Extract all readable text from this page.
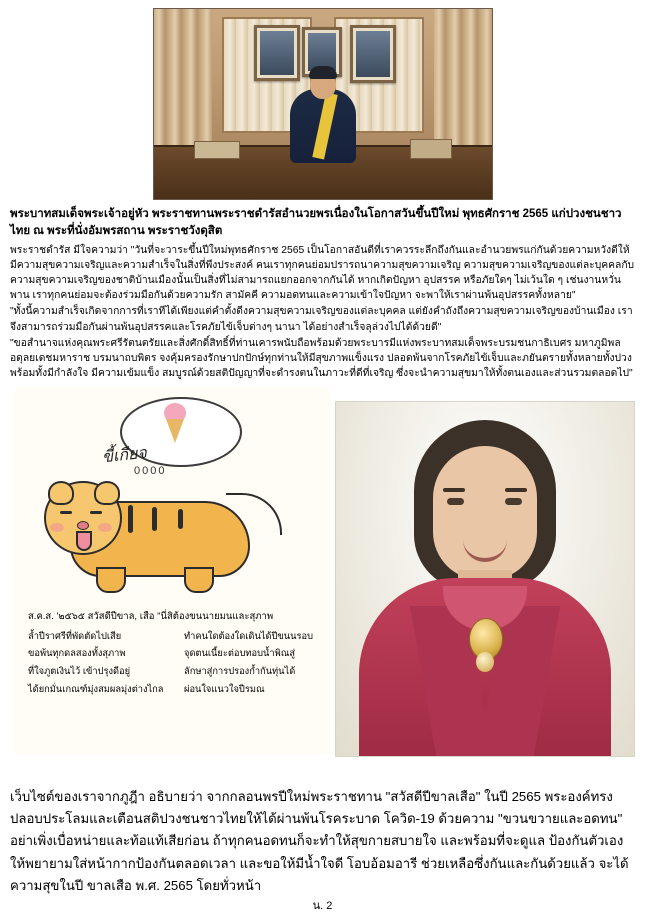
พระบาทสมเด็จพระเจ้าอยู่หัว พระราชทานพระราชดำรัสอำนวยพรเนื่องในโอกาสวันขึ้นปีใหม่ พุทธศักราช 2565 แก่ปวงชนชาวไทย ณ พระที่นั่งอัมพรสถาน พระราชวังดุสิต

พระราชดำรัส มีใจความว่า "วันที่จะวาระขึ้นปีใหม่พุทธศักราช 2565 เป็นโอกาสอันดีที่เราควรระลึกถึงกันและอำนวยพรแก่กันด้วยความหวังดีให้มีความสุขความเจริญและความสำเร็จในสิ่งที่พึงประสงค์ คนเราทุกคนย่อมปรารถนาความสุขความเจริญ ความสุขความเจริญของแต่ละบุคคลกับความสุขความเจริญของชาติบ้านเมืองนั้นเป็นสิ่งที่ไม่สามารถแยกออกจากกันได้ หากเกิดปัญหา อุปสรรค หรือภัยใดๆ ไม่เว้นใด ๆ เช่นงานหวั่นพาน เราทุกคนย่อมจะต้องร่วมมือกันด้วยความรัก สามัคคี ความอดทนและความเข้าใจปัญหา จะพาให้เราผ่านพ้นอุปสรรคทั้งหลาย"

"ทั้งนี้ความสำเร็จเกิดจากการที่เราทีได้เพียงแต่คำตั้งดีงความสุขความเจริญของแต่ละบุคคล แต่ยังคำถังถึงความสุขความเจริญของบ้านเมือง เราจึงสามารถร่วมมือกันผ่านพ้นอุปสรรคและโรคภัยไข้เจ็บต่างๆ นานา ได้อย่างสำเร็จลุล่วงไปได้ด้วยดี"

"ขอสำนาจแห่งคุณพระศรีรัตนตรัยและสิ่งศักดิ์สิทธิ์ที่ท่านเคารพนับถือพร้อมด้วยพระบารมีแห่งพระบาทสมเด็จพระบรมชนกาธิเบศร มหาภูมิพลอดุลยเดชมหาราช บรมนาถบพิตร จงคุ้มครองรักษาปกปักษ์ทุกท่านให้มีสุขภาพแข็งแรง ปลอดพ้นจากโรคภัยไข้เจ็บและภยันตรายทั้งหลายทั้งปวง พร้อมทั้งมีกำลังใจ มีความเข้มแข็ง สมบูรณ์ด้วยสติปัญญาที่จะดำรงตนในภาวะที่ดีที่เจริญ ซึ่งจะนำความสุขมาให้ทั้งตนเองและส่วนรวมตลอดไป"

ขี้เกียจ
0000
ส.ค.ส. '๒๕๖๕ สวัสดีปีขาล, เสือ "นี่สิต้องขนนายมนและสุภาพ
ล้ำปีราศรีที่พัดตัดไปเสีย
ขอพ้นทุกดลสองทั้งสุภาพ
ที่ใจภูตเงินไว้ เข้าปรุงดีอยู่
ได้ยกมั่นเกณฑ์มุ่งสมผลมุ่งต่างไกล
ทำคนใดต้องใดเดินได้ปีขนนรอบ
จุดตนเนี้ยะต่อบทอบน้ำพิณสู่
ลักษาสู่การปรองก้ำกันทุ่นได้
ผ่อนใจแนวใจปีรมณ

เว็บไซต์ของเราจากภูฎีา อธิบายว่า จากกลอนพรปีใหม่พระราชทาน "สวัสดีปีขาลเสือ" ในปี 2565 พระองค์ทรงปลอบประโลมและเตือนสติปวงชนชาวไทยให้ได้ผ่านพ้นโรคระบาด โควิด-19 ด้วยความ "ขวนขวายและอดทน" อย่าเพิ่งเบื่อหน่ายและท้อแท้เสียก่อน ถ้าทุกคนอดทนก็จะทำให้สุขกายสบายใจ และพร้อมที่จะดูแล ป้องกันตัวเองให้พยายามใส่หน้ากากป้องกันตลอดเวลา และขอให้มีน้ำใจดี โอบอ้อมอารี ช่วยเหลือซึ่งกันและกันด้วยแล้ว จะได้ความสุขในปี ขาลเสือ พ.ศ. 2565 โดยทั่วหน้า

น. 2
